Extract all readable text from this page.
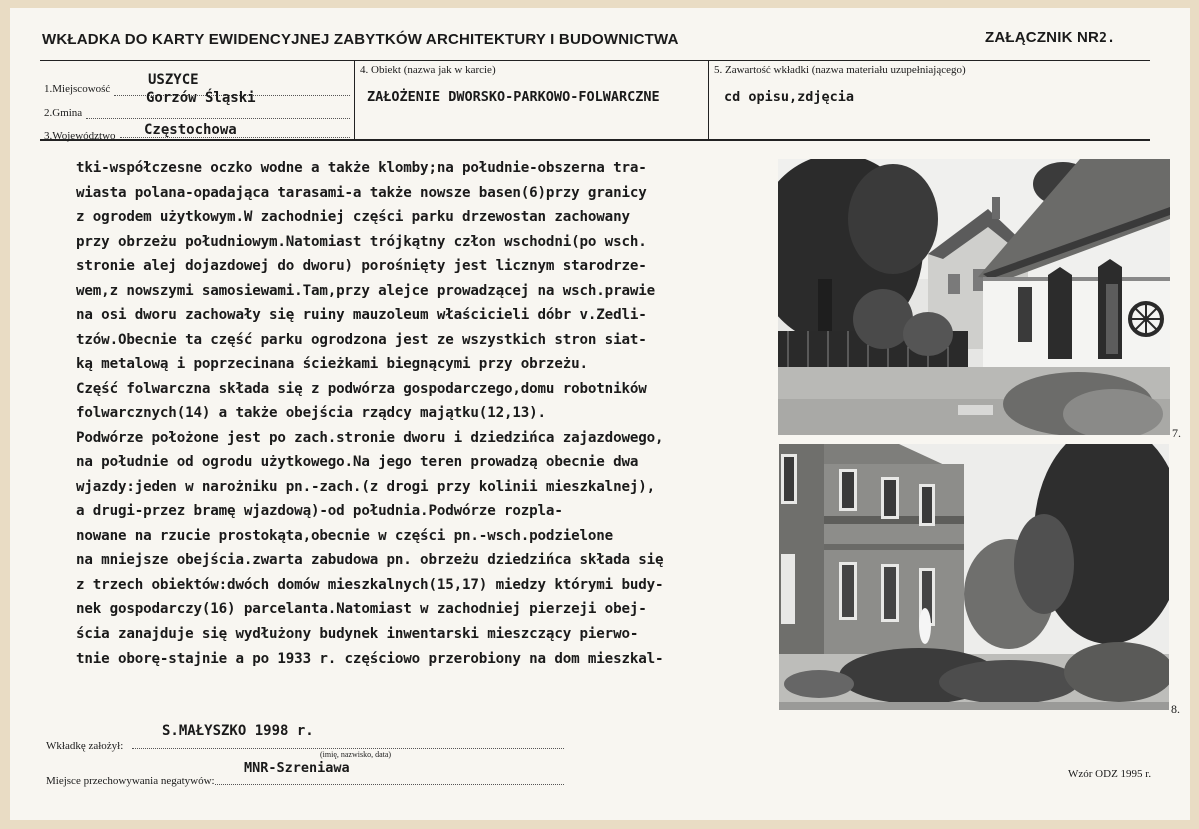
WKŁADKA DO KARTY EWIDENCYJNEJ ZABYTKÓW ARCHITEKTURY I BUDOWNICTWA	ZAŁĄCZNIK NR2.
1.Miejscowość
USZYCE
2.Gmina
Gorzów Śląski
3.Województwo Częstochowa
4. Obiekt (nazwa jak w karcie)
ZAŁOŻENIE DWORSKO-PARKOWO-FOLWARCZNE
5. Zawartość wkładki (nazwa materiału uzupełniającego)
cd opisu,zdjęcia
tki-współczesne oczko wodne a także klomby;na południe-obszerna tra-
wiasta polana-opadająca tarasami-a także nowsze basen(6)przy granicy
z ogrodem użytkowym.W zachodniej części parku drzewostan zachowany
przy obrzeżu południowym.Natomiast trójkątny człon wschodni(po wsch.
stronie alej dojazdowej do dworu) porośnięty jest licznym starodrze-
wem,z nowszymi samosiewami.Tam,przy alejce prowadzącej na wsch.prawie
na osi dworu zachowały się ruiny mauzoleum właścicieli dóbr v.Zedli-
tzów.Obecnie ta część parku ogrodzona jest ze wszystkich stron siat-
ką metalową i poprzecinana ścieżkami biegnącymi przy obrzeżu.
Część folwarczna składa się z podwórza gospodarczego,domu robotników
folwarcznych(14) a także obejścia rządcy majątku(12,13).
Podwórze położone jest po zach.stronie dworu i dziedzińca zajazdowego,
na południe od ogrodu użytkowego.Na jego teren prowadzą obecnie dwa
wjazdy:jeden w narożniku pn.-zach.(z drogi przy kolinii mieszkalnej),
a drugi-przez bramę wjazdową)-od południa.Podwórze rozpla-
nowane na rzucie prostokąta,obecnie w części pn.-wsch.podzielone
na mniejsze obejścia.zwarta zabudowa pn. obrzeżu dziedzińca składa się
z trzech obiektów:dwóch domów mieszkalnych(15,17) miedzy którymi budy-
nek gospodarczy(16) parcelanta.Natomiast w zachodniej pierzeji obej-
ścia zanajduje się wydłużony budynek inwentarski mieszczący pierwo-
tnie oborę-stajnie a po 1933 r. częściowo przerobiony na dom mieszkal-
7.
8.
S.MAŁYSZKO 1998 r.
Wkładkę założył:
(imię, nazwisko, data)
MNR-Szreniawa
Miejsce przechowywania negatywów:
Wzór ODZ 1995 r.
